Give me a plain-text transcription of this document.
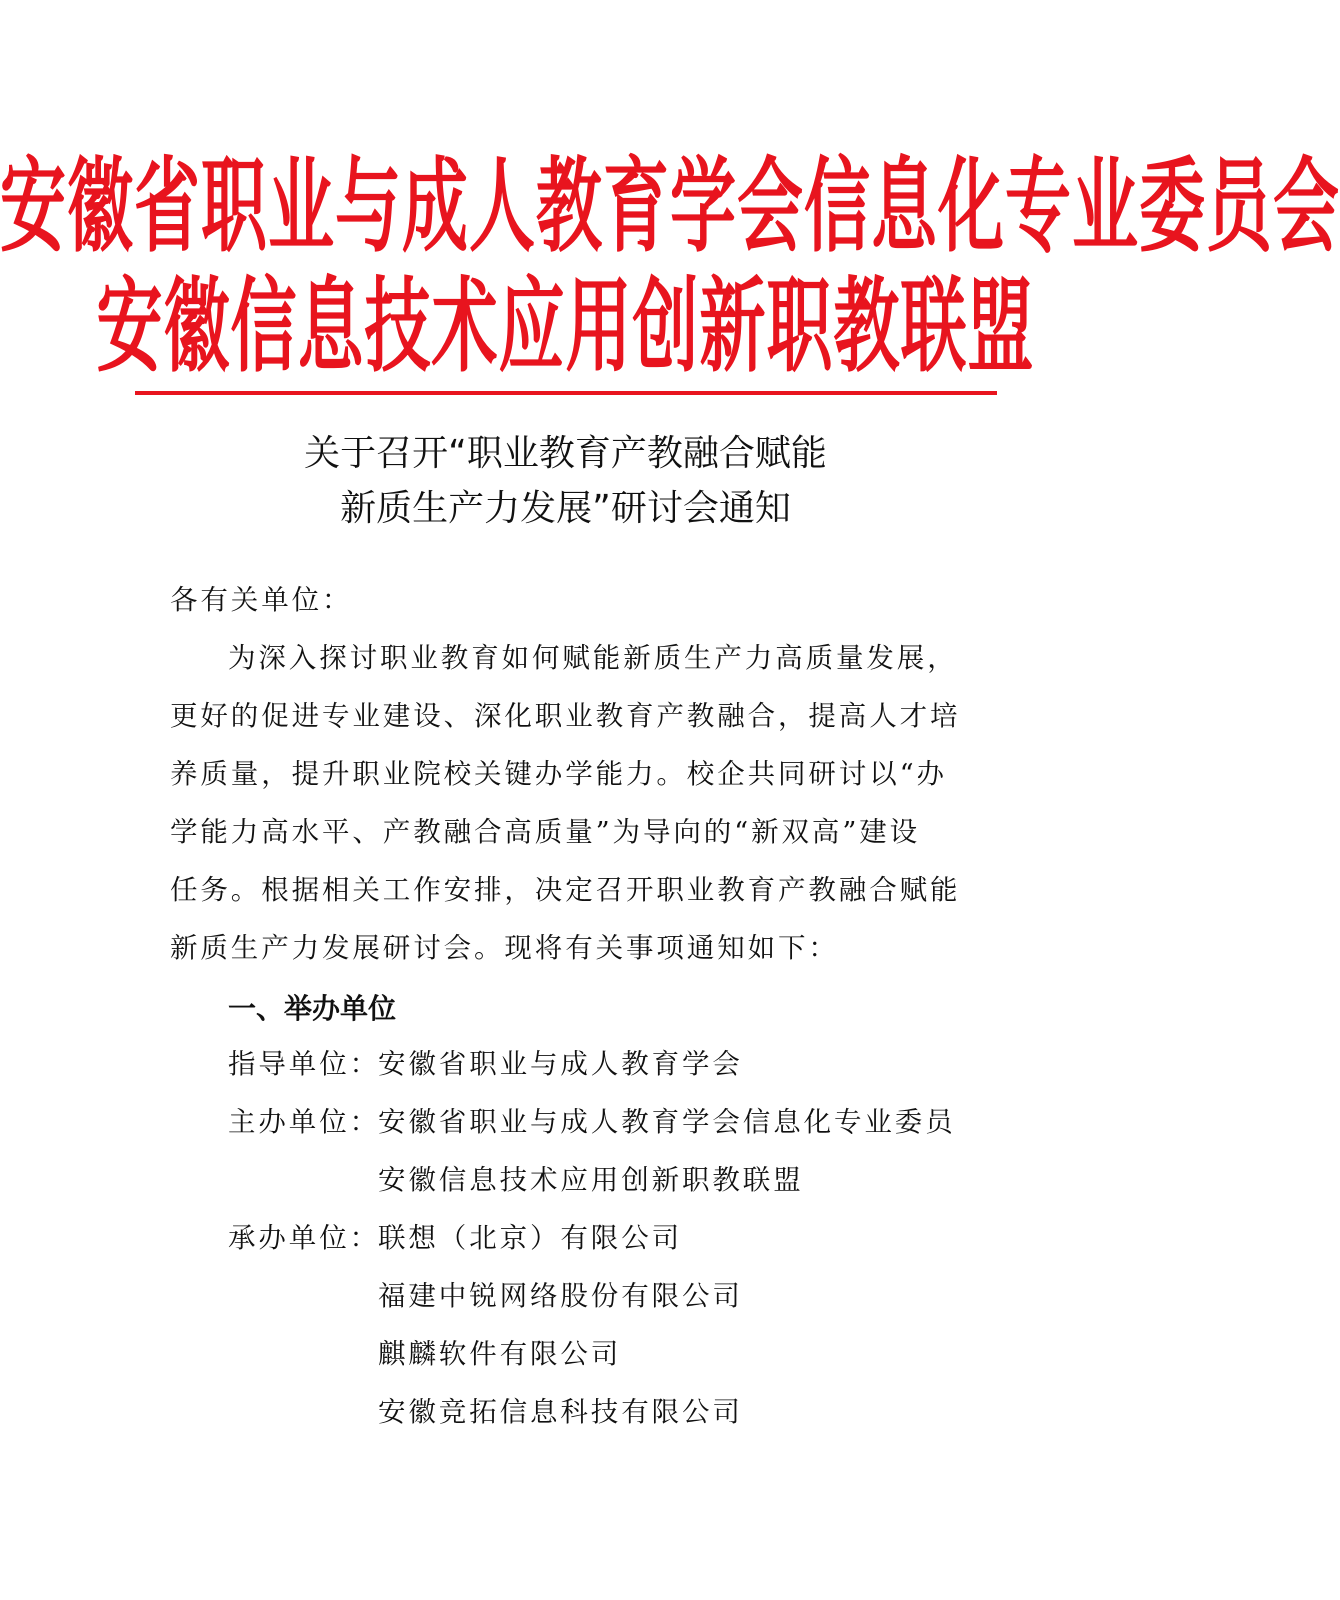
安徽省职业与成人教育学会信息化专业委员会
安徽信息技术应用创新职教联盟
关于召开“职业教育产教融合赋能
新质生产力发展”研讨会通知
各有关单位：
为深入探讨职业教育如何赋能新质生产力高质量发展，
更好的促进专业建设、深化职业教育产教融合，提高人才培
养质量，提升职业院校关键办学能力。校企共同研讨以“办
学能力高水平、产教融合高质量”为导向的“新双高”建设
任务。根据相关工作安排，决定召开职业教育产教融合赋能
新质生产力发展研讨会。现将有关事项通知如下：
一、举办单位
指导单位：
安徽省职业与成人教育学会
主办单位：
安徽省职业与成人教育学会信息化专业委员
安徽信息技术应用创新职教联盟
承办单位：
联想（北京）有限公司
福建中锐网络股份有限公司
麒麟软件有限公司
安徽竞拓信息科技有限公司
